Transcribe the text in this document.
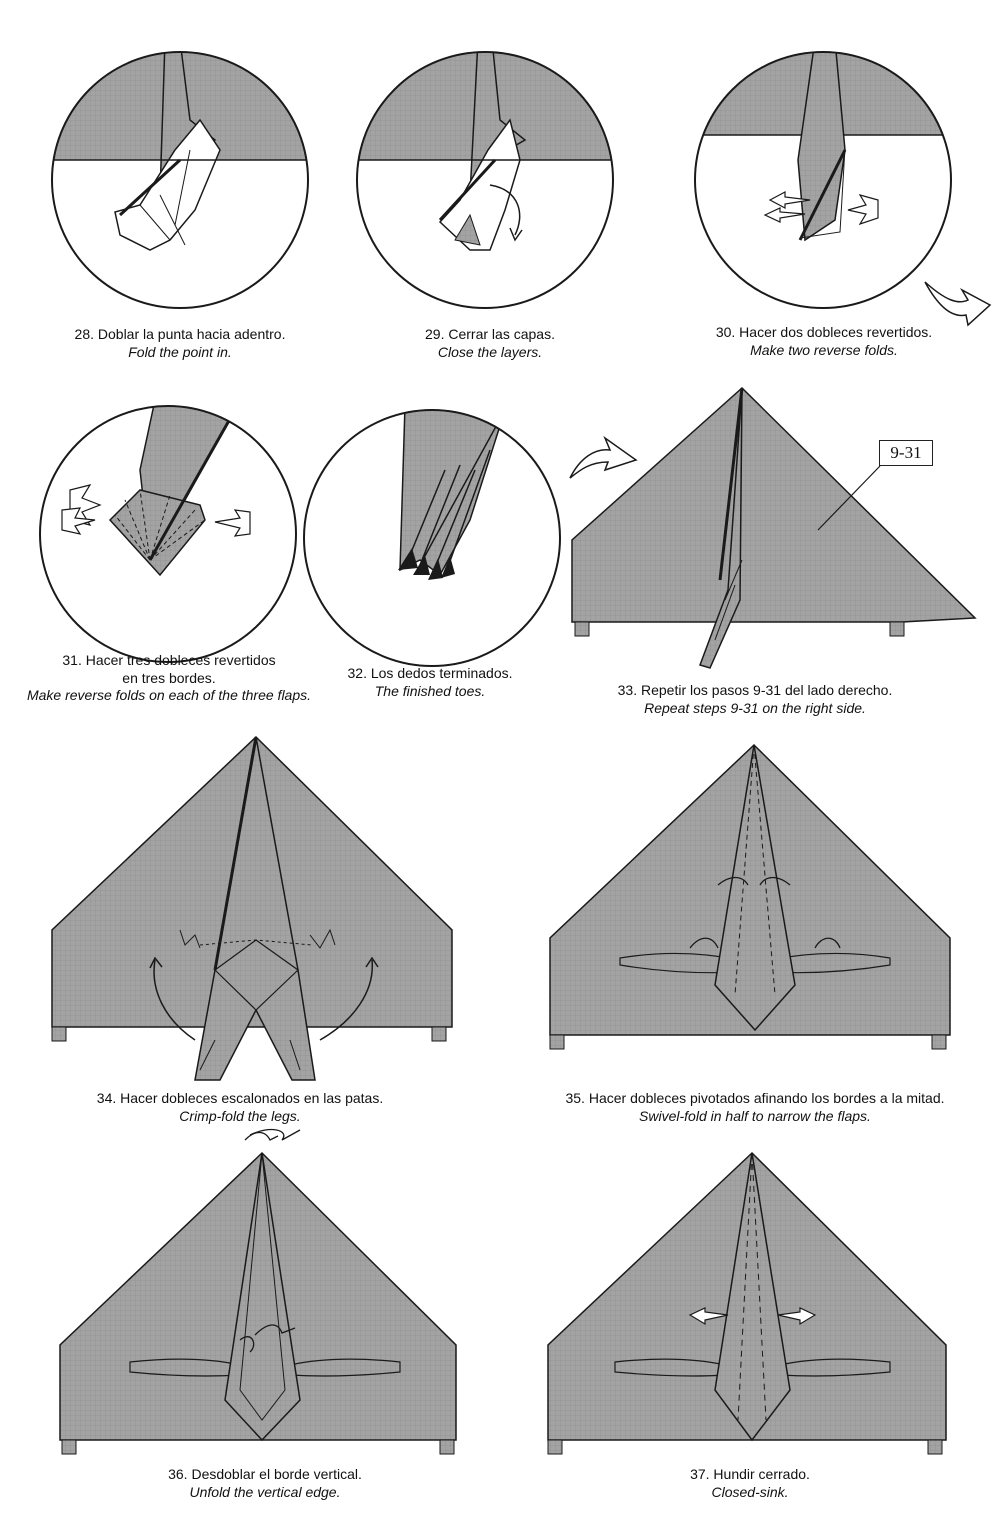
9-31
28. Doblar la punta hacia adentro.
Fold the point in.
29. Cerrar las capas.
Close the layers.
30. Hacer dos dobleces revertidos.
Make two reverse folds.
31. Hacer tres dobleces revertidos
en tres bordes.
Make reverse folds on each of the three flaps.
32. Los dedos terminados.
The finished toes.	33. Repetir los pasos 9-31 del lado derecho.
Repeat steps 9-31 on the right side.
34. Hacer dobleces escalonados en las patas.
Crimp-fold the legs.
35. Hacer dobleces pivotados afinando los bordes a la mitad.
Swivel-fold in half to narrow the flaps.
36. Desdoblar el borde vertical.
Unfold the vertical edge.
37. Hundir cerrado.
Closed-sink.
